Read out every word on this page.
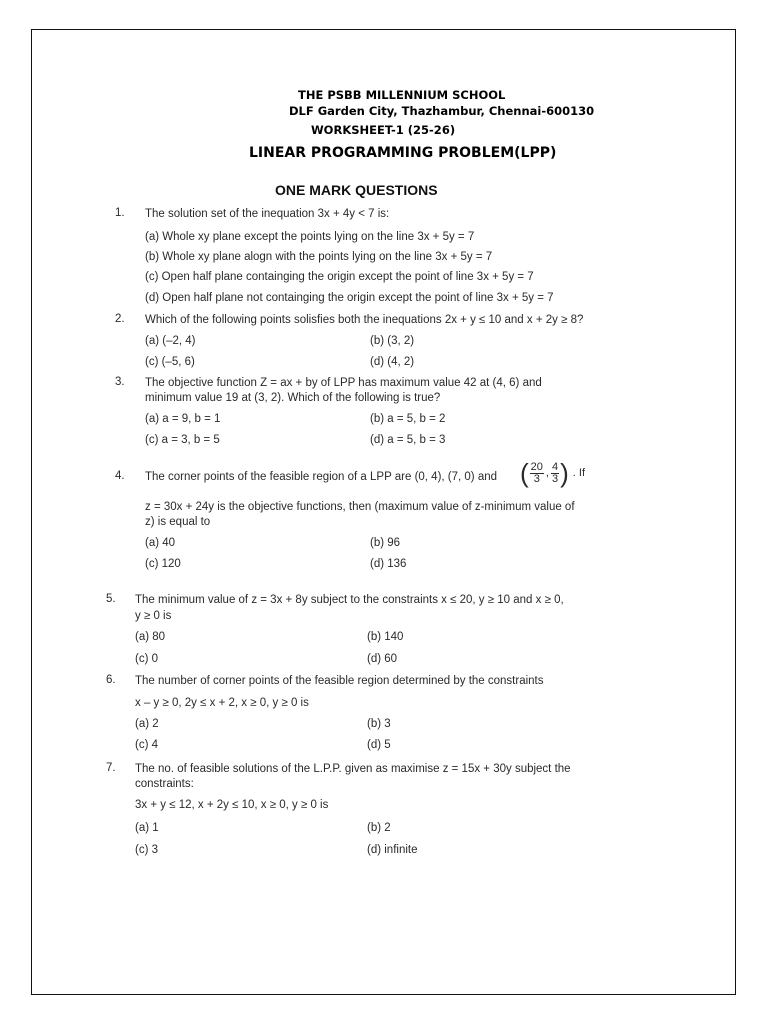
THE PSBB MILLENNIUM SCHOOL
DLF Garden City, Thazhambur, Chennai-600130
WORKSHEET-1 (25-26)
LINEAR PROGRAMMING PROBLEM(LPP)
ONE MARK QUESTIONS
1. The solution set of the inequation 3x + 4y < 7 is:
(a) Whole xy plane except the points lying on the line 3x + 5y = 7
(b) Whole xy plane alogn with the points lying on the line 3x + 5y = 7
(c) Open half plane containging the origin except the point of line 3x + 5y = 7
(d) Open half plane not containging the origin except the point of line 3x + 5y = 7
2. Which of the following points solisfies both the inequations 2x + y ≤ 10 and x + 2y ≥ 8?
(a) (–2, 4)	(b) (3, 2)
(c) (–5, 6)	(d) (4, 2)
3. The objective function Z = ax + by of LPP has maximum value 42 at (4, 6) and
minimum value 19 at (3, 2). Which of the following is true?
(a) a = 9, b = 1	(b) a = 5, b = 2
(c) a = 3, b = 5	(d) a = 5, b = 3
4. The corner points of the feasible region of a LPP are (0, 4), (7, 0) and ( $\frac{20}{3}$ , $\frac{4}{3}$ ) . If
z = 30x + 24y is the objective functions, then (maximum value of z-minimum value of
z) is equal to
(a) 40	(b) 96
(c) 120	(d) 136
5. The minimum value of z = 3x + 8y subject to the constraints x ≤ 20, y ≥ 10 and x ≥ 0,
y ≥ 0 is
(a) 80	(b) 140
(c) 0	(d) 60
6. The number of corner points of the feasible region determined by the constraints
x – y ≥ 0, 2y ≤ x + 2, x ≥ 0, y ≥ 0 is
(a) 2	(b) 3
(c) 4	(d) 5
7. The no. of feasible solutions of the L.P.P. given as maximise z = 15x + 30y subject the
constraints:
3x + y ≤ 12, x + 2y ≤ 10, x ≥ 0, y ≥ 0 is
(a) 1	(b) 2
(c) 3	(d) infinite
